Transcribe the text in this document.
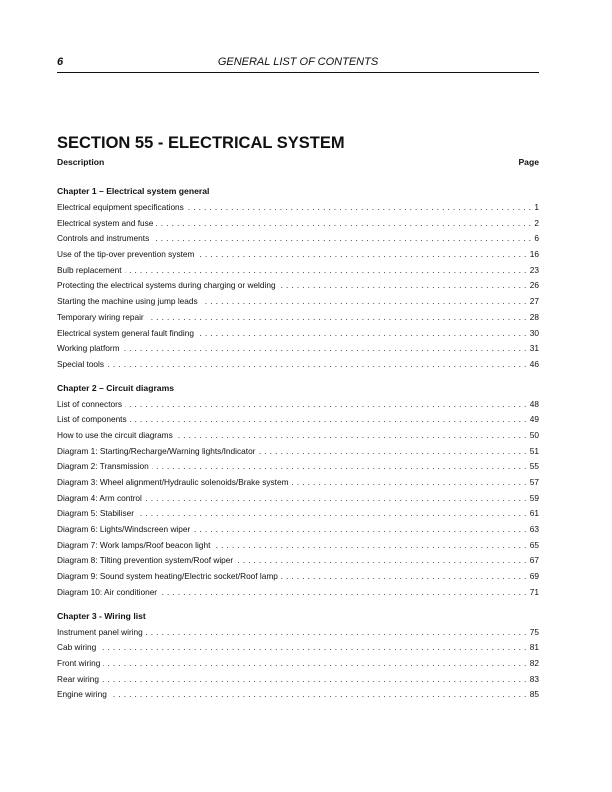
6	GENERAL LIST OF CONTENTS
SECTION 55 - ELECTRICAL SYSTEM
Description	Page
Chapter 1 – Electrical system general
Electrical equipment specifications . . .	1
Electrical system and fuse . . .	2
Controls and instruments . . .	6
Use of the tip-over prevention system . . .	16
Bulb replacement . . .	23
Protecting the electrical systems during charging or welding . . .	26
Starting the machine using jump leads . . .	27
Temporary wiring repair . . .	28
Electrical system general fault finding . . .	30
Working platform . . .	31
Special tools . . .	46
Chapter 2 – Circuit diagrams
List of connectors . . .	48
List of components . . .	49
How to use the circuit diagrams . . .	50
Diagram 1: Starting/Recharge/Warning lights/Indicator . . .	51
Diagram 2: Transmission . . .	55
Diagram 3: Wheel alignment/Hydraulic solenoids/Brake system . . .	57
Diagram 4: Arm control . . .	59
Diagram 5: Stabiliser . . .	61
Diagram 6: Lights/Windscreen wiper . . .	63
Diagram 7: Work lamps/Roof beacon light . . .	65
Diagram 8: Tilting prevention system/Roof wiper . . .	67
Diagram 9: Sound system heating/Electric socket/Roof lamp . . .	69
Diagram 10: Air conditioner . . .	71
Chapter 3 - Wiring list
Instrument panel wiring . . .	75
Cab wiring . . .	81
Front wiring . . .	82
Rear wiring . . .	83
Engine wiring . . .	85
